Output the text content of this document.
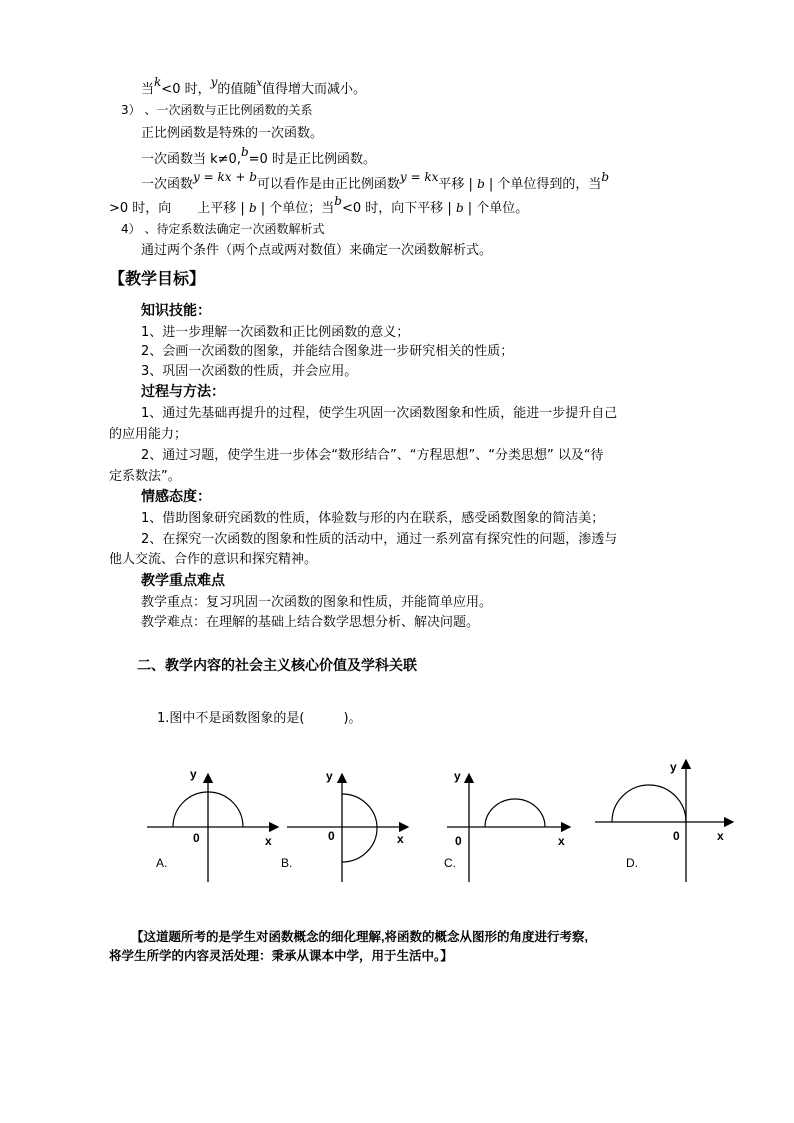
当k<0 时，y的值随$^x$值得增大而减小。
3） 、一次函数与正比例函数的关系
正比例函数是特殊的一次函数。
一次函数当 k≠0,b=0 时是正比例函数。
一次函数y = kx + b可以看作是由正比例函数y = kx平移 | b | 个单位得到的，当b
>0 时，向　　上平移 | b | 个单位；当b<0 时，向下平移 | b | 个单位。
4） 、待定系数法确定一次函数解析式
通过两个条件（两个点或两对数值）来确定一次函数解析式。
【教学目标】
知识技能：
1、进一步理解一次函数和正比例函数的意义；
2、会画一次函数的图象，并能结合图象进一步研究相关的性质；
3、巩固一次函数的性质，并会应用。
过程与方法：
1、通过先基础再提升的过程，使学生巩固一次函数图象和性质，能进一步提升自己
的应用能力；
2、通过习题，使学生进一步体会“数形结合”、“方程思想”、“分类思想” 以及“待
定系数法”。
情感态度：
1、借助图象研究函数的性质，体验数与形的内在联系，感受函数图象的简洁美；
2、在探究一次函数的图象和性质的活动中，通过一系列富有探究性的问题，渗透与
他人交流、合作的意识和探究精神。
教学重点难点
教学重点：复习巩固一次函数的图象和性质，并能简单应用。
教学难点：在理解的基础上结合数学思想分析、解决问题。
二、教学内容的社会主义核心价值及学科关联
1.图中不是函数图象的是(　　　)。
y
x
0
A.
y
x
0
B.
y
x
0
C.
y
x
0
D.
【这道题所考的是学生对函数概念的细化理解,将函数的概念从图形的角度进行考察,
将学生所学的内容灵活处理：秉承从课本中学，用于生活中。】
